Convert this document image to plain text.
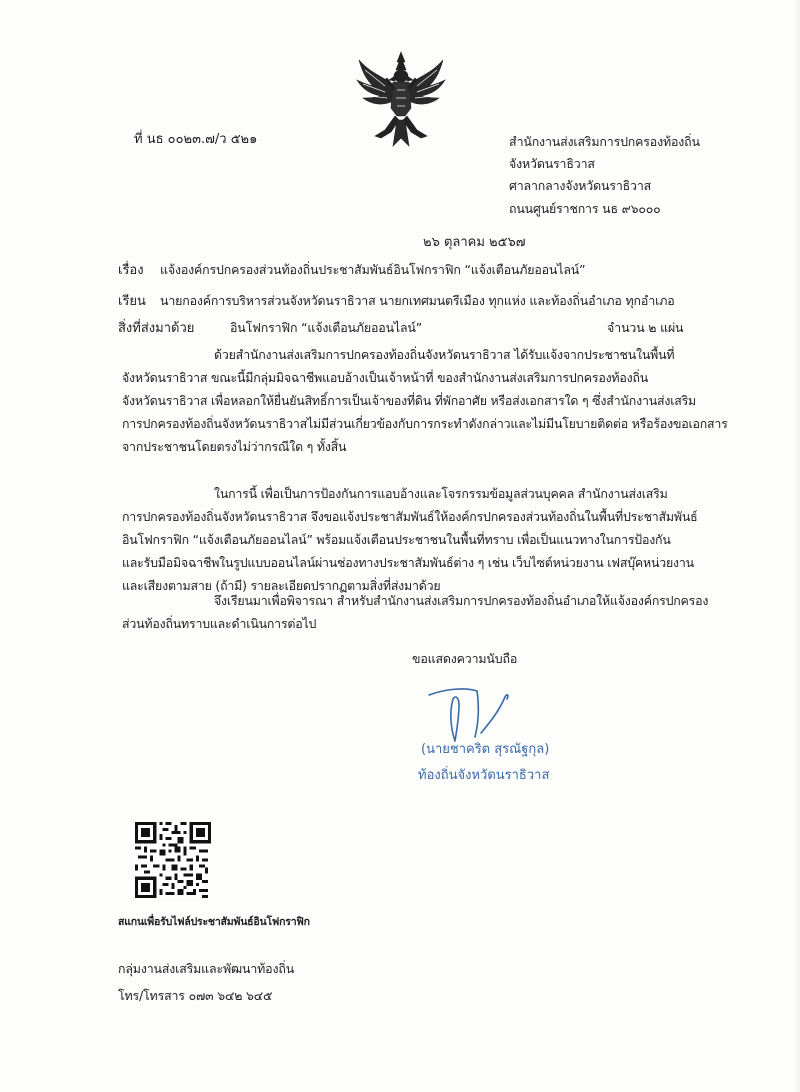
ที่ นธ ๐๐๒๓.๗/ว ๕๒๑	สำนักงานส่งเสริมการปกครองท้องถิ่น
จังหวัดนราธิวาส
ศาลากลางจังหวัดนราธิวาส
ถนนศูนย์ราชการ นธ ๙๖๐๐๐
๒๖ ตุลาคม ๒๕๖๗
เรื่อง แจ้งองค์กรปกครองส่วนท้องถิ่นประชาสัมพันธ์อินโฟกราฟิก “แจ้งเตือนภัยออนไลน์”
เรียน นายกองค์การบริหารส่วนจังหวัดนราธิวาส นายกเทศมนตรีเมือง ทุกแห่ง และท้องถิ่นอำเภอ ทุกอำเภอ
สิ่งที่ส่งมาด้วย	อินโฟกราฟิก “แจ้งเตือนภัยออนไลน์”	จำนวน ๒ แผ่น
ด้วยสำนักงานส่งเสริมการปกครองท้องถิ่นจังหวัดนราธิวาส ได้รับแจ้งจากประชาชนในพื้นที่
จังหวัดนราธิวาส ขณะนี้มีกลุ่มมิจฉาชีพแอบอ้างเป็นเจ้าหน้าที่ ของสำนักงานส่งเสริมการปกครองท้องถิ่น
จังหวัดนราธิวาส เพื่อหลอกให้ยื่นยันสิทธิ์การเป็นเจ้าของที่ดิน ที่พักอาศัย หรือส่งเอกสารใด ๆ ซึ่งสำนักงานส่งเสริม
การปกครองท้องถิ่นจังหวัดนราธิวาสไม่มีส่วนเกี่ยวข้องกับการกระทำดังกล่าวและไม่มีนโยบายติดต่อ หรือร้องขอเอกสาร
จากประชาชนโดยตรงไม่ว่ากรณีใด ๆ ทั้งสิ้น
ในการนี้ เพื่อเป็นการป้องกันการแอบอ้างและโจรกรรมข้อมูลส่วนบุคคล สำนักงานส่งเสริม
การปกครองท้องถิ่นจังหวัดนราธิวาส จึงขอแจ้งประชาสัมพันธ์ให้องค์กรปกครองส่วนท้องถิ่นในพื้นที่ประชาสัมพันธ์
อินโฟกราฟิก “แจ้งเตือนภัยออนไลน์” พร้อมแจ้งเตือนประชาชนในพื้นที่ทราบ เพื่อเป็นแนวทางในการป้องกัน
และรับมือมิจฉาชีพในรูปแบบออนไลน์ผ่านช่องทางประชาสัมพันธ์ต่าง ๆ เช่น เว็บไซต์หน่วยงาน เฟสบุ๊คหน่วยงาน
และเสียงตามสาย (ถ้ามี) รายละเอียดปรากฏตามสิ่งที่ส่งมาด้วย
จึงเรียนมาเพื่อพิจารณา สำหรับสำนักงานส่งเสริมการปกครองท้องถิ่นอำเภอให้แจ้งองค์กรปกครอง
ส่วนท้องถิ่นทราบและดำเนินการต่อไป
ขอแสดงความนับถือ
(นายชาคริต สุรณัฐกุล)
ท้องถิ่นจังหวัดนราธิวาส
สแกนเพื่อรับไฟล์ประชาสัมพันธ์อินโฟกราฟิก
กลุ่มงานส่งเสริมและพัฒนาท้องถิ่น
โทร/โทรสาร ๐๗๓ ๖๔๒ ๖๔๕
